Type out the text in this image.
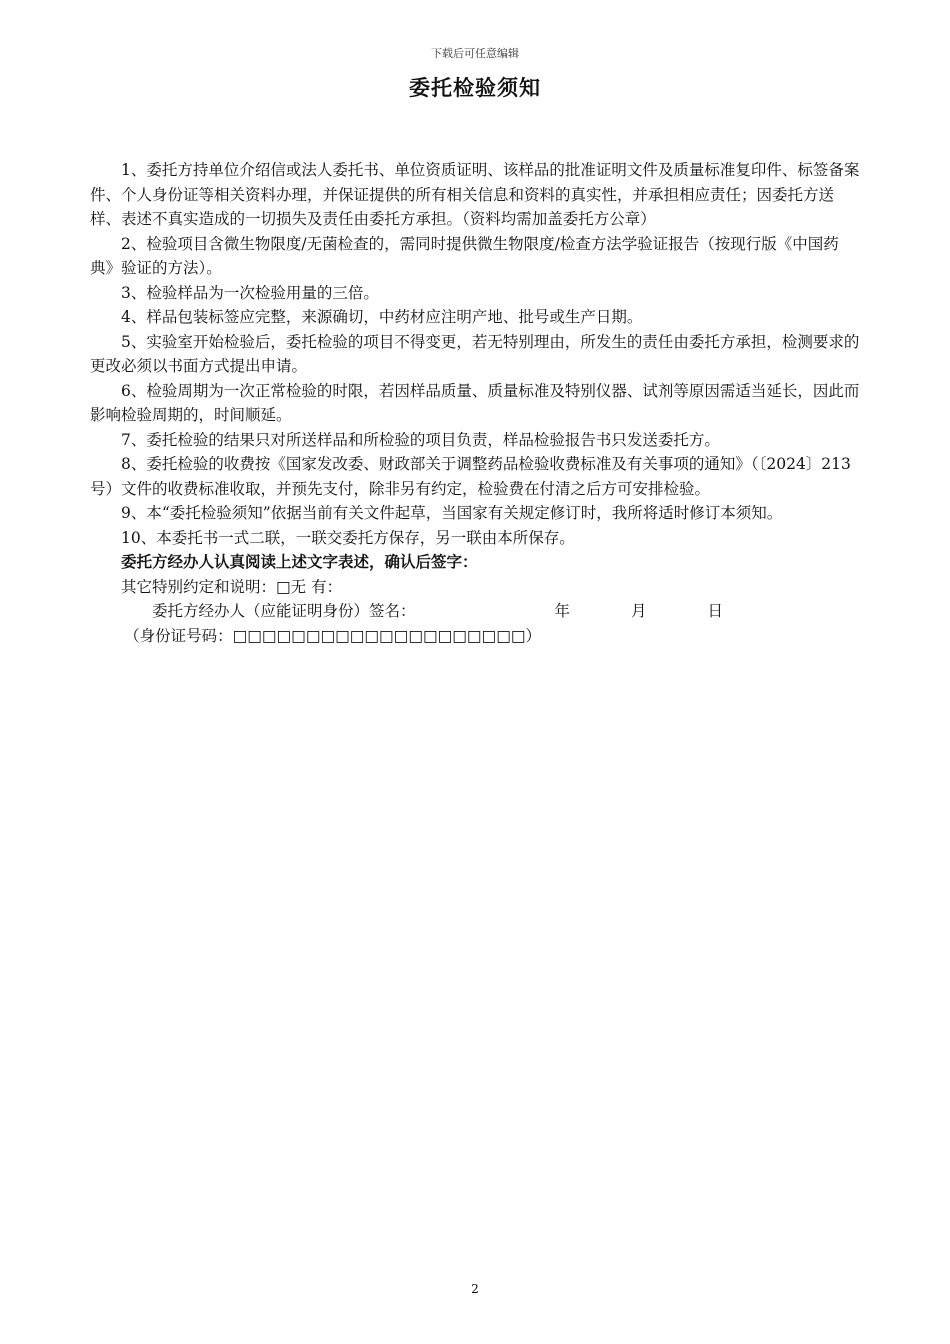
下载后可任意编辑
委托检验须知

1、委托方持单位介绍信或法人委托书、单位资质证明、该样品的批准证明文件及质量标准复印件、标签备案件、个人身份证等相关资料办理，并保证提供的所有相关信息和资料的真实性，并承担相应责任；因委托方送样、表述不真实造成的一切损失及责任由委托方承担。（资料均需加盖委托方公章）

2、检验项目含微生物限度/无菌检查的，需同时提供微生物限度/检查方法学验证报告（按现行版《中国药典》验证的方法）。

3、检验样品为一次检验用量的三倍。

4、样品包装标签应完整，来源确切，中药材应注明产地、批号或生产日期。

5、实验室开始检验后，委托检验的项目不得变更，若无特别理由，所发生的责任由委托方承担，检测要求的更改必须以书面方式提出申请。

6、检验周期为一次正常检验的时限，若因样品质量、质量标准及特别仪器、试剂等原因需适当延长，因此而影响检验周期的，时间顺延。

7、委托检验的结果只对所送样品和所检验的项目负责，样品检验报告书只发送委托方。

8、委托检验的收费按《国家发改委、财政部关于调整药品检验收费标准及有关事项的通知》（〔2024〕213号）文件的收费标准收取，并预先支付，除非另有约定，检验费在付清之后方可安排检验。

9、本“委托检验须知”依据当前有关文件起草，当国家有关规定修订时，我所将适时修订本须知。

10、本委托书一式二联，一联交委托方保存，另一联由本所保存。

委托方经办人认真阅读上述文字表述，确认后签字：

其它特别约定和说明：□无 有：

委托方经办人（应能证明身份）签名：	年	月	日

（身份证号码：□□□□□□□□□□□□□□□□□□□□）

2
